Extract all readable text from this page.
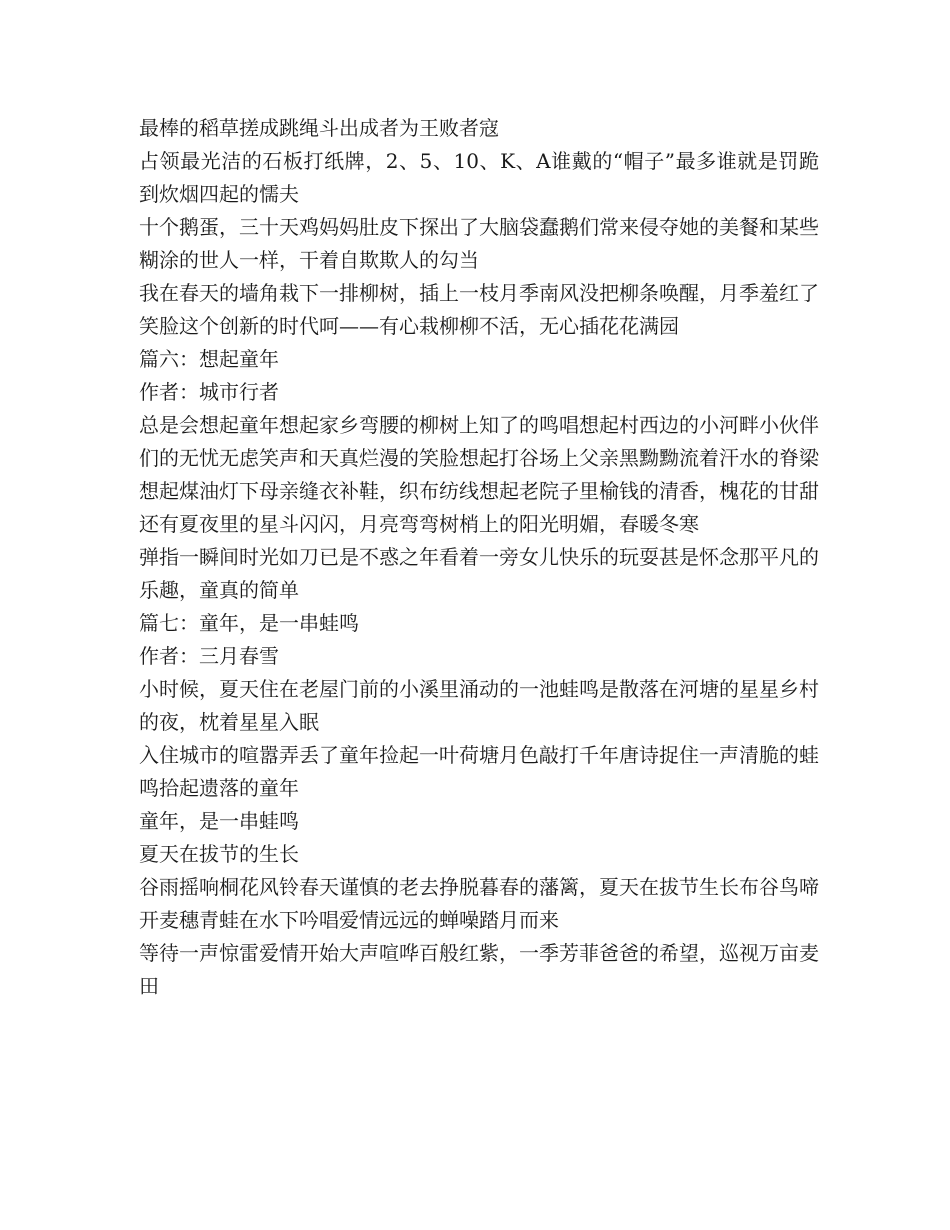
最棒的稻草搓成跳绳斗出成者为王败者寇

占领最光洁的石板打纸牌，2、5、10、K、A谁戴的“帽子”最多谁就是罚跪到炊烟四起的懦夫

十个鹅蛋，三十天鸡妈妈肚皮下探出了大脑袋蠢鹅们常来侵夺她的美餐和某些糊涂的世人一样，干着自欺欺人的勾当

我在春天的墙角栽下一排柳树，插上一枝月季南风没把柳条唤醒，月季羞红了笑脸这个创新的时代呵——有心栽柳柳不活，无心插花花满园

篇六：想起童年

作者：城市行者

总是会想起童年想起家乡弯腰的柳树上知了的鸣唱想起村西边的小河畔小伙伴们的无忧无虑笑声和天真烂漫的笑脸想起打谷场上父亲黑黝黝流着汗水的脊梁想起煤油灯下母亲缝衣补鞋，织布纺线想起老院子里榆钱的清香，槐花的甘甜还有夏夜里的星斗闪闪，月亮弯弯树梢上的阳光明媚，春暖冬寒

弹指一瞬间时光如刀已是不惑之年看着一旁女儿快乐的玩耍甚是怀念那平凡的乐趣，童真的简单

篇七：童年，是一串蛙鸣

作者：三月春雪

小时候，夏天住在老屋门前的小溪里涌动的一池蛙鸣是散落在河塘的星星乡村的夜，枕着星星入眠

入住城市的喧嚣弄丢了童年捡起一叶荷塘月色敲打千年唐诗捉住一声清脆的蛙鸣拾起遗落的童年

童年，是一串蛙鸣

夏天在拔节的生长

谷雨摇响桐花风铃春天谨慎的老去挣脱暮春的藩篱，夏天在拔节生长布谷鸟啼开麦穗青蛙在水下吟唱爱情远远的蝉噪踏月而来

等待一声惊雷爱情开始大声喧哗百般红紫，一季芳菲爸爸的希望，巡视万亩麦田
